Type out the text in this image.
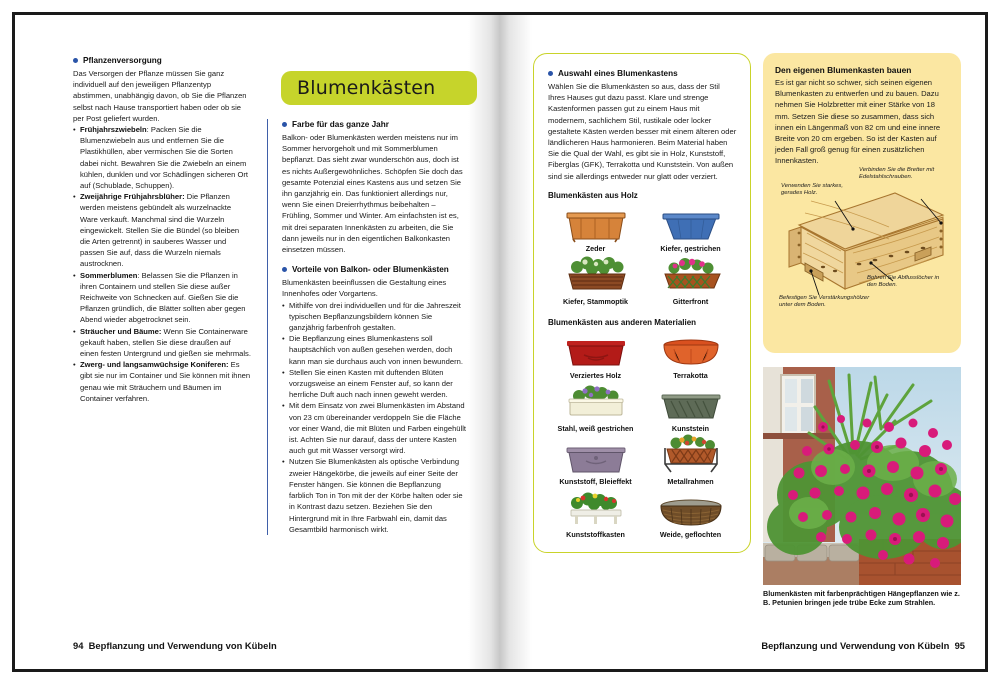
Pflanzenversorgung

Das Versorgen der Pflanze müssen Sie ganz individuell auf den jeweiligen Pflanzentyp abstimmen, unabhängig davon, ob Sie die Pflanzen selbst nach Hause transportiert haben oder ob sie per Post geliefert wurden.

• Frühjahrszwiebeln: Packen Sie die Blumenzwiebeln aus und entfernen Sie die Plastikhüllen, aber vermischen Sie die Sorten dabei nicht. Bewahren Sie die Zwiebeln an einem kühlen, dunklen und vor Schädlingen sicheren Ort auf (Schublade, Schuppen).
• Zweijährige Frühjahrsblüher: Die Pflanzen werden meistens gebündelt als wurzelnackte Ware verkauft. Manchmal sind die Wurzeln eingewickelt. Stellen Sie die Bündel (so bleiben die Arten getrennt) in sauberes Wasser und passen Sie auf, dass die Wurzeln niemals austrocknen.
• Sommerblumen: Belassen Sie die Pflanzen in ihren Containern und stellen Sie diese außer Reichweite von Schnecken auf. Gießen Sie die Pflanzen gründlich, die Blätter sollten aber gegen Abend wieder abgetrocknet sein.
• Sträucher und Bäume: Wenn Sie Containerware gekauft haben, stellen Sie diese draußen auf einen festen Untergrund und gießen sie mehrmals.
• Zwerg- und langsamwüchsige Koniferen: Es gibt sie nur im Container und Sie können mit ihnen genau wie mit Sträuchern und Bäumen im Container verfahren.
Blumenkästen
Farbe für das ganze Jahr

Balkon- oder Blumenkästen werden meistens nur im Sommer hervorgeholt und mit Sommerblumen bepflanzt. Das sieht zwar wunderschön aus, doch ist es nichts Außergewöhnliches. Schöpfen Sie doch das gesamte Potenzial eines Kastens aus und setzen Sie ihn ganzjährig ein. Das funktioniert allerdings nur, wenn Sie einen Dreierrhythmus beibehalten – Frühling, Sommer und Winter. Am einfachsten ist es, mit drei separaten Innenkästen zu arbeiten, die Sie dann jeweils nur in den eigentlichen Balkonkasten einsetzen müssen.

Vorteile von Balkon- oder Blumenkästen

Blumenkästen beeinflussen die Gestaltung eines Innenhofes oder Vorgartens.

• Mithilfe von drei individuellen und für die Jahreszeit typischen Bepflanzungsbildern können Sie ganzjährig farbenfroh gestalten.
• Die Bepflanzung eines Blumenkastens soll hauptsächlich von außen gesehen werden, doch kann man sie durchaus auch von innen bewundern.
• Stellen Sie einen Kasten mit duftenden Blüten vorzugsweise an einem Fenster auf, so kann der herrliche Duft auch nach innen geweht werden.
• Mit dem Einsatz von zwei Blumenkästen im Abstand von 23 cm übereinander verdoppeln Sie die Fläche vor einer Wand, die mit Blüten und Farben eingehüllt ist. Achten Sie nur darauf, dass der untere Kasten auch gut mit Wasser versorgt wird.
• Nutzen Sie Blumenkästen als optische Verbindung zweier Hängekörbe, die jeweils auf einer Seite der Fenster hängen. Sie können die Bepflanzung farblich Ton in Ton mit der der Körbe halten oder sie in Kontrast dazu setzen. Beziehen Sie den Hintergrund mit in Ihre Farbwahl ein, damit das Gesamtbild harmonisch wirkt.
94 Bepflanzung und Verwendung von Kübeln
Auswahl eines Blumenkastens

Wählen Sie die Blumenkästen so aus, dass der Stil Ihres Hauses gut dazu passt. Klare und strenge Kastenformen passen gut zu einem Haus mit modernem, sachlichem Stil, rustikale oder locker gestaltete Kästen werden besser mit einem älteren oder ländlicheren Haus harmonieren. Beim Material haben Sie die Qual der Wahl, es gibt sie in Holz, Kunststoff, Fiberglas (GFK), Terrakotta und Kunststein. Von außen sind sie allerdings entweder nur glatt oder verziert.

Blumenkästen aus Holz
Zeder	Kiefer, gestrichen
Kiefer, Stammoptik	Gitterfront
Blumenkästen aus anderen Materialien
Verziertes Holz	Terrakotta
Stahl, weiß gestrichen	Kunststein
Kunststoff, Bleieffekt	Metallrahmen
Kunststoffkasten	Weide, geflochten
Den eigenen Blumenkasten bauen

Es ist gar nicht so schwer, sich seinen eigenen Blumenkasten zu entwerfen und zu bauen. Dazu nehmen Sie Holzbretter mit einer Stärke von 18 mm. Setzen Sie diese so zusammen, dass sich innen ein Längenmaß von 82 cm und eine innere Breite von 20 cm ergeben. So ist der Kasten auf jeden Fall groß genug für einen zusätzlichen Innenkasten.

Verbinden Sie die Bretter mit Edelstahlschrauben.
Verwenden Sie starkes, gerades Holz.
Bohren Sie Abflusslöcher in den Boden.
Befestigen Sie Verstärkungshölzer unter dem Boden.
Blumenkästen mit farbenprächtigen Hängepflanzen wie z. B. Petunien bringen jede trübe Ecke zum Strahlen.
Bepflanzung und Verwendung von Kübeln 95
